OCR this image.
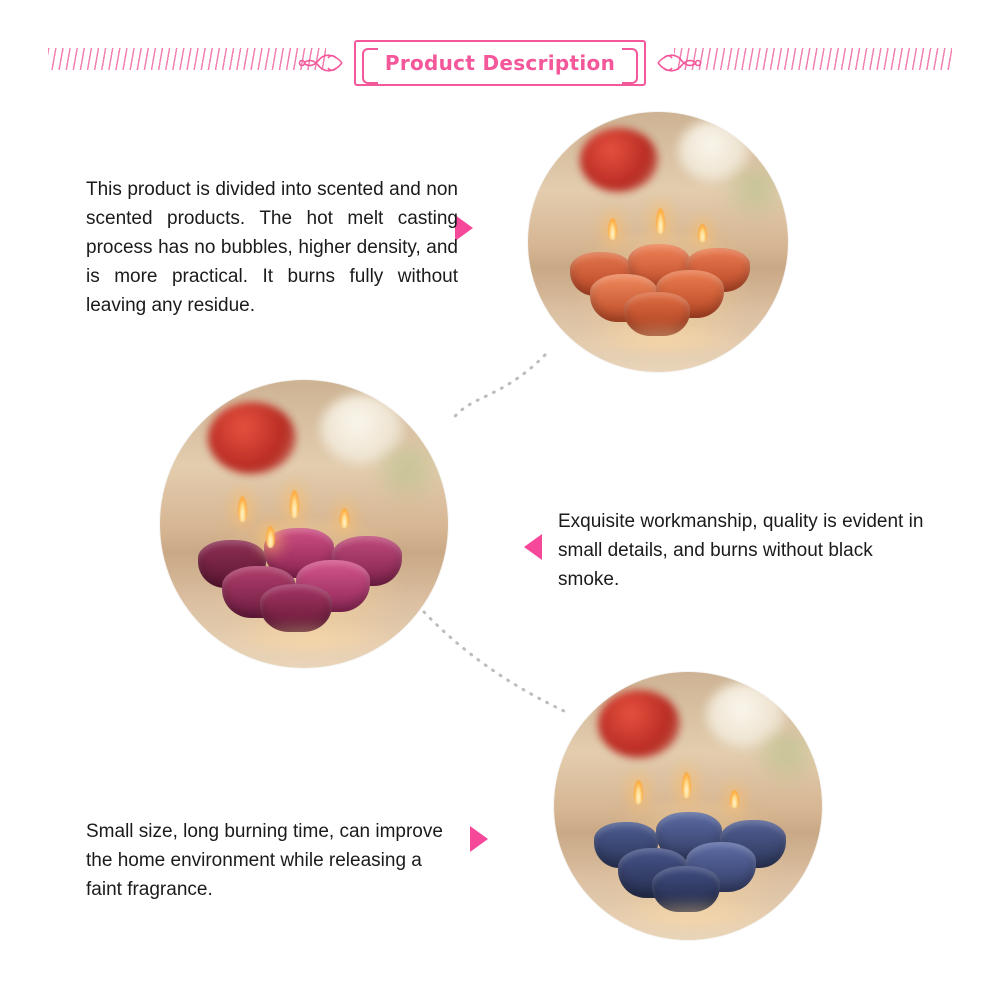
Product Description
This product is divided into scented and non scented products. The hot melt casting process has no bubbles, higher density, and is more practical. It burns fully without leaving any residue.
Exquisite workmanship, quality is evident in small details, and burns without black smoke.
Small size, long burning time, can improve the home environment while releasing a faint fragrance.
